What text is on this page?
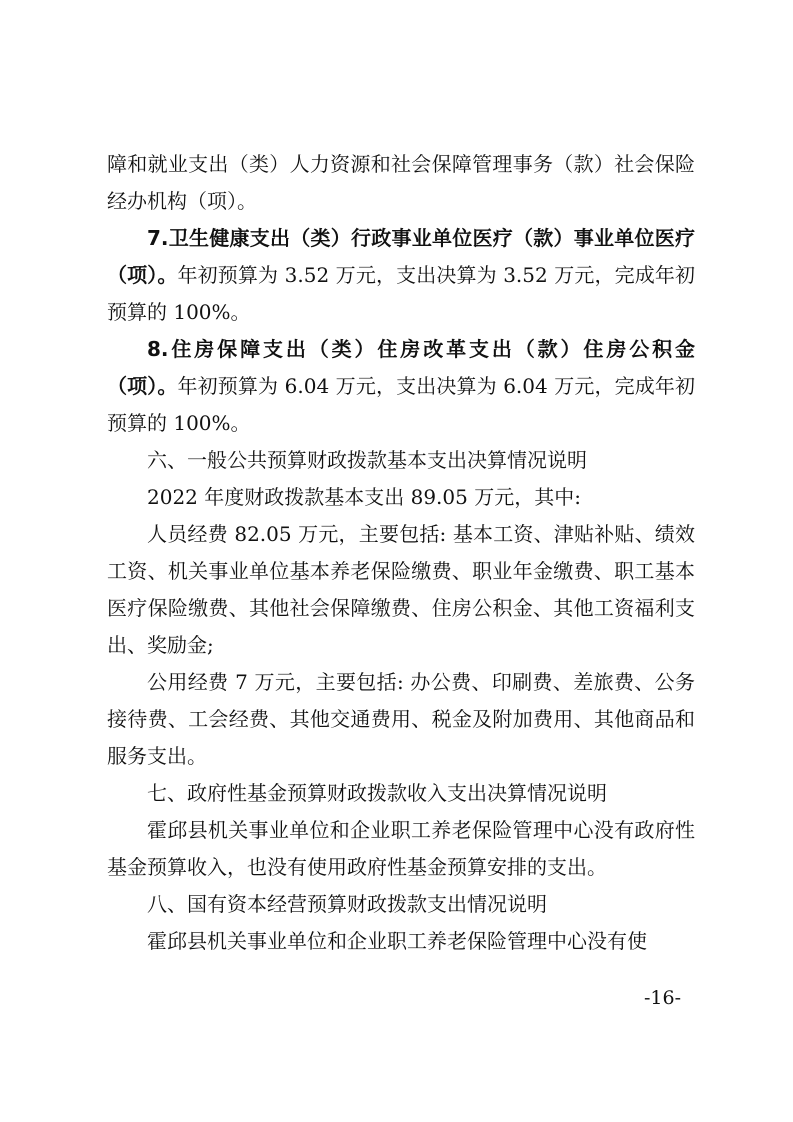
障和就业支出（类）人力资源和社会保障管理事务（款）社会保险经办机构（项）。

7.卫生健康支出（类）行政事业单位医疗（款）事业单位医疗（项）。年初预算为 3.52 万元，支出决算为 3.52 万元，完成年初预算的 100%。

8.住房保障支出（类）住房改革支出（款）住房公积金（项）。年初预算为 6.04 万元，支出决算为 6.04 万元，完成年初预算的 100%。

六、一般公共预算财政拨款基本支出决算情况说明

2022 年度财政拨款基本支出 89.05 万元，其中:

人员经费 82.05 万元，主要包括: 基本工资、津贴补贴、绩效工资、机关事业单位基本养老保险缴费、职业年金缴费、职工基本医疗保险缴费、其他社会保障缴费、住房公积金、其他工资福利支出、奖励金;

公用经费 7 万元，主要包括: 办公费、印刷费、差旅费、公务接待费、工会经费、其他交通费用、税金及附加费用、其他商品和服务支出。

七、政府性基金预算财政拨款收入支出决算情况说明

霍邱县机关事业单位和企业职工养老保险管理中心没有政府性基金预算收入，也没有使用政府性基金预算安排的支出。

八、国有资本经营预算财政拨款支出情况说明

霍邱县机关事业单位和企业职工养老保险管理中心没有使

-16-
